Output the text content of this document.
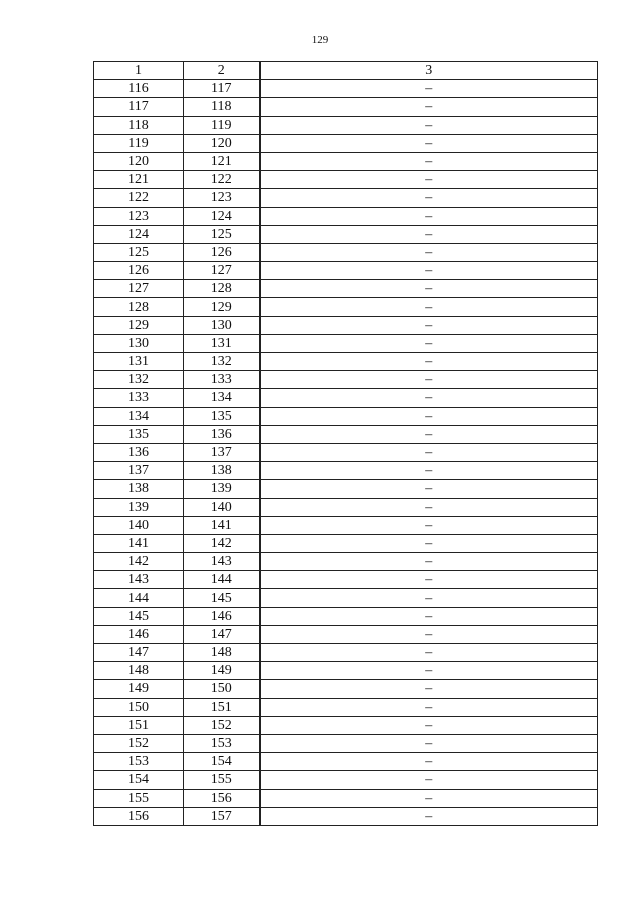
129
1	2	3
116	117	–
117	118	–
118	119	–
119	120	–
120	121	–
121	122	–
122	123	–
123	124	–
124	125	–
125	126	–
126	127	–
127	128	–
128	129	–
129	130	–
130	131	–
131	132	–
132	133	–
133	134	–
134	135	–
135	136	–
136	137	–
137	138	–
138	139	–
139	140	–
140	141	–
141	142	–
142	143	–
143	144	–
144	145	–
145	146	–
146	147	–
147	148	–
148	149	–
149	150	–
150	151	–
151	152	–
152	153	–
153	154	–
154	155	–
155	156	–
156	157	–
